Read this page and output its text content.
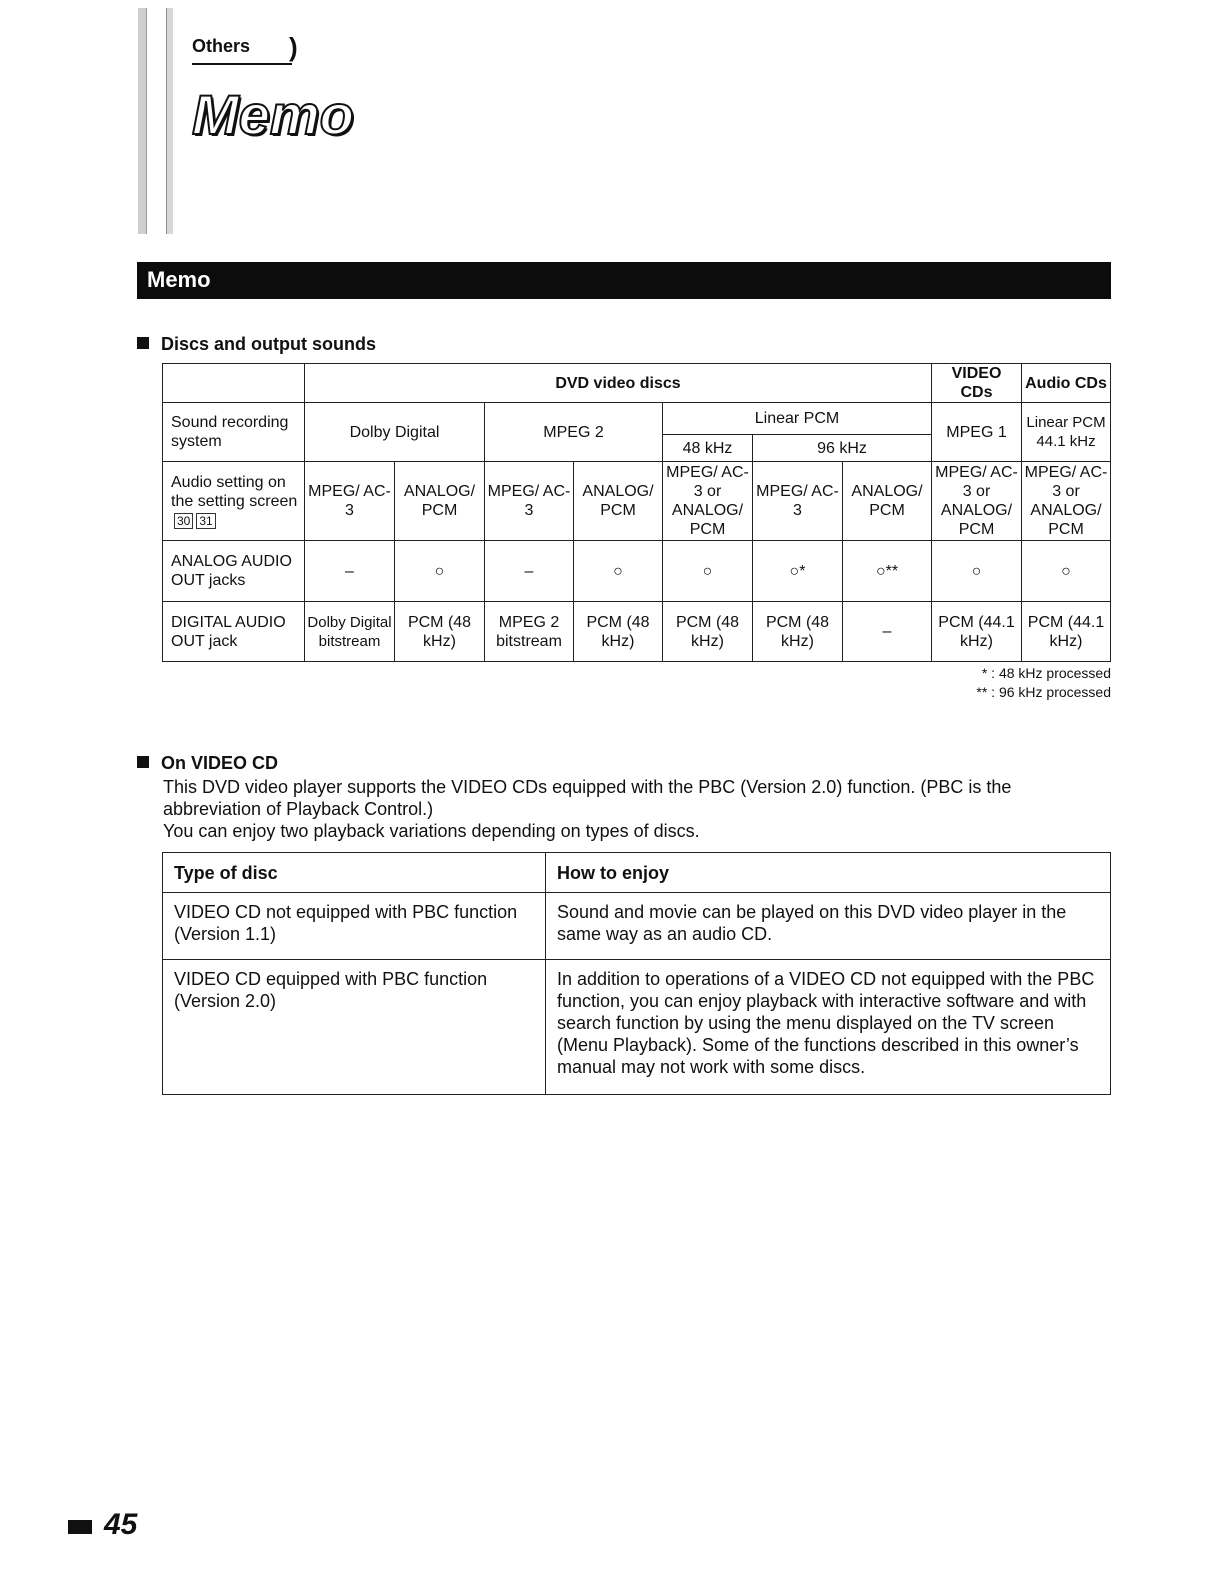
Others )
Memo
Memo
Discs and output sounds
	DVD video discs							VIDEO CDs	Audio CDs
Sound recording system	Dolby Digital		MPEG 2		Linear PCM			MPEG 1	Linear PCM 44.1 kHz
					48 kHz	96 kHz			
Audio setting on the setting screen 30 31	MPEG/ AC-3	ANALOG/ PCM	MPEG/ AC-3	ANALOG/ PCM	MPEG/ AC-3 or ANALOG/ PCM	MPEG/ AC-3	ANALOG/ PCM	MPEG/ AC-3 or ANALOG/ PCM	MPEG/ AC-3 or ANALOG/ PCM
ANALOG AUDIO OUT jacks	–	○	–	○	○	○*	○**	○	○
DIGITAL AUDIO OUT jack	Dolby Digital bitstream	PCM (48 kHz)	MPEG 2 bitstream	PCM (48 kHz)	PCM (48 kHz)	PCM (48 kHz)	–	PCM (44.1 kHz)	PCM (44.1 kHz)
* : 48 kHz processed
** : 96 kHz processed
On VIDEO CD
This DVD video player supports the VIDEO CDs equipped with the PBC (Version 2.0) function. (PBC is the abbreviation of Playback Control.)
You can enjoy two playback variations depending on types of discs.
Type of disc	How to enjoy
VIDEO CD not equipped with PBC function (Version 1.1)	Sound and movie can be played on this DVD video player in the same way as an audio CD.
VIDEO CD equipped with PBC function (Version 2.0)	In addition to operations of a VIDEO CD not equipped with the PBC function, you can enjoy playback with interactive software and with search function by using the menu displayed on the TV screen (Menu Playback). Some of the functions described in this owner’s manual may not work with some discs.
45
